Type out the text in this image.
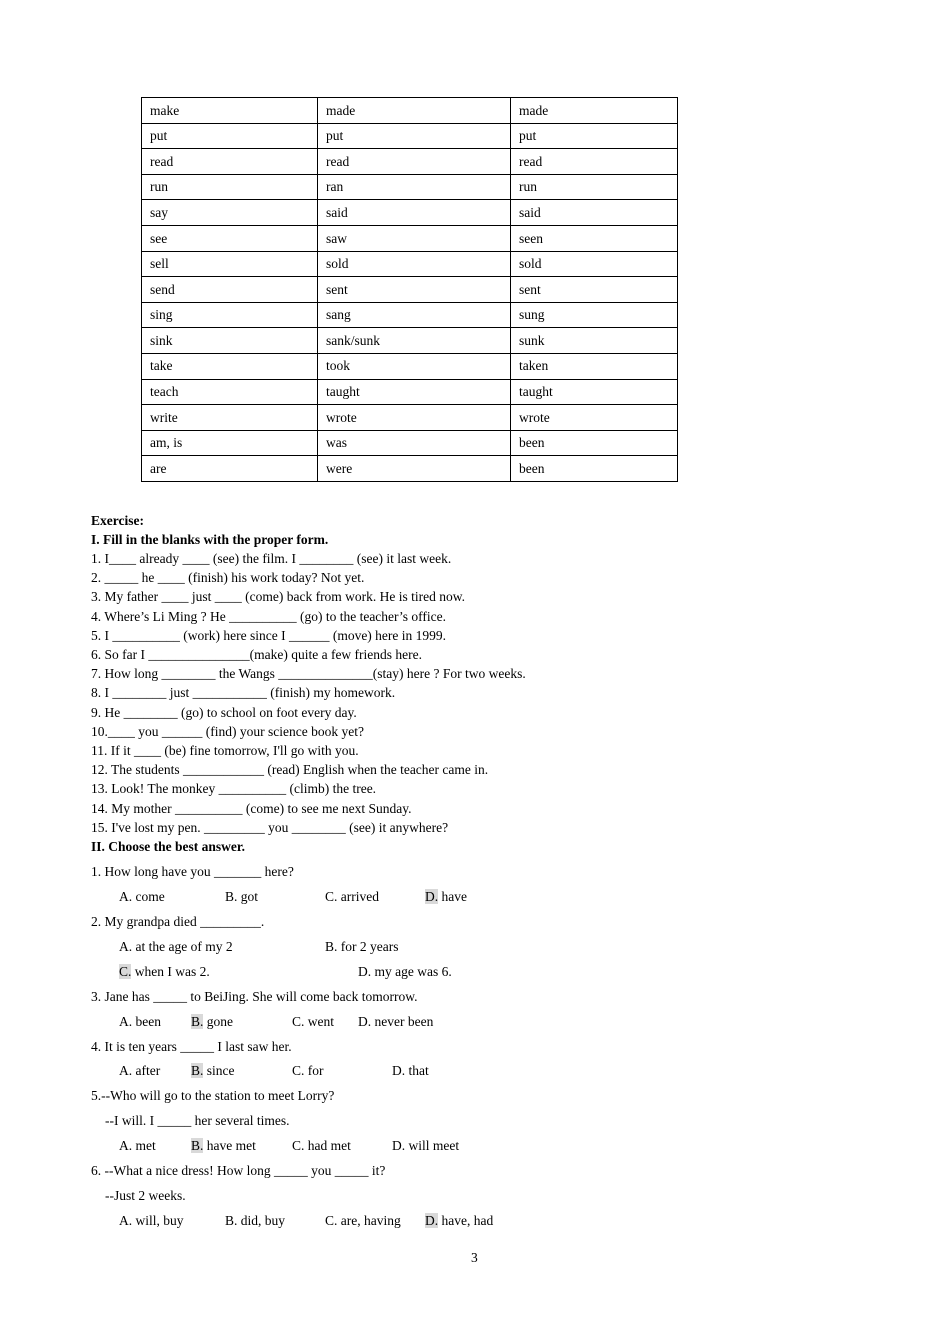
make	made	made
put	put	put
read	read	read
run	ran	run
say	said	said
see	saw	seen
sell	sold	sold
send	sent	sent
sing	sang	sung
sink	sank/sunk	sunk
take	took	taken
teach	taught	taught
write	wrote	wrote
am, is	was	been
are	were	been
Exercise:
I. Fill in the blanks with the proper form.
1. I____ already ____ (see) the film. I ________ (see) it last week.
2. _____ he ____ (finish) his work today? Not yet.
3. My father ____ just ____ (come) back from work. He is tired now.
4. Where’s Li Ming ? He __________ (go) to the teacher’s office.
5. I __________ (work) here since I ______ (move) here in 1999.
6. So far I _______________(make) quite a few friends here.
7. How long ________ the Wangs ______________(stay) here ? For two weeks.
8. I ________ just ___________ (finish) my homework.
9. He ________ (go) to school on foot every day.
10.____ you ______ (find) your science book yet?
11. If it ____ (be) fine tomorrow, I'll go with you.
12. The students ____________ (read) English when the teacher came in.
13. Look! The monkey __________ (climb) the tree.
14. My mother __________ (come) to see me next Sunday.
15. I've lost my pen. _________ you ________ (see) it anywhere?
II. Choose the best answer.
1. How long have you _______ here?
A. come	B. got	C. arrived	D. have
2. My grandpa died _________.
A. at the age of my 2	B. for 2 years
C. when I was 2.	D. my age was 6.
3. Jane has _____ to BeiJing. She will come back tomorrow.
A. been B. gone	C. went D. never been
4. It is ten years _____ I last saw her.
A. after B. since	C. for	D. that
5.--Who will go to the station to meet Lorry?
--I will. I _____ her several times.
A. met	B. have met	C. had met	D. will meet
6. --What a nice dress! How long _____ you _____ it?
--Just 2 weeks.
A. will, buy	B. did, buy	C. are, having D. have, had
3
